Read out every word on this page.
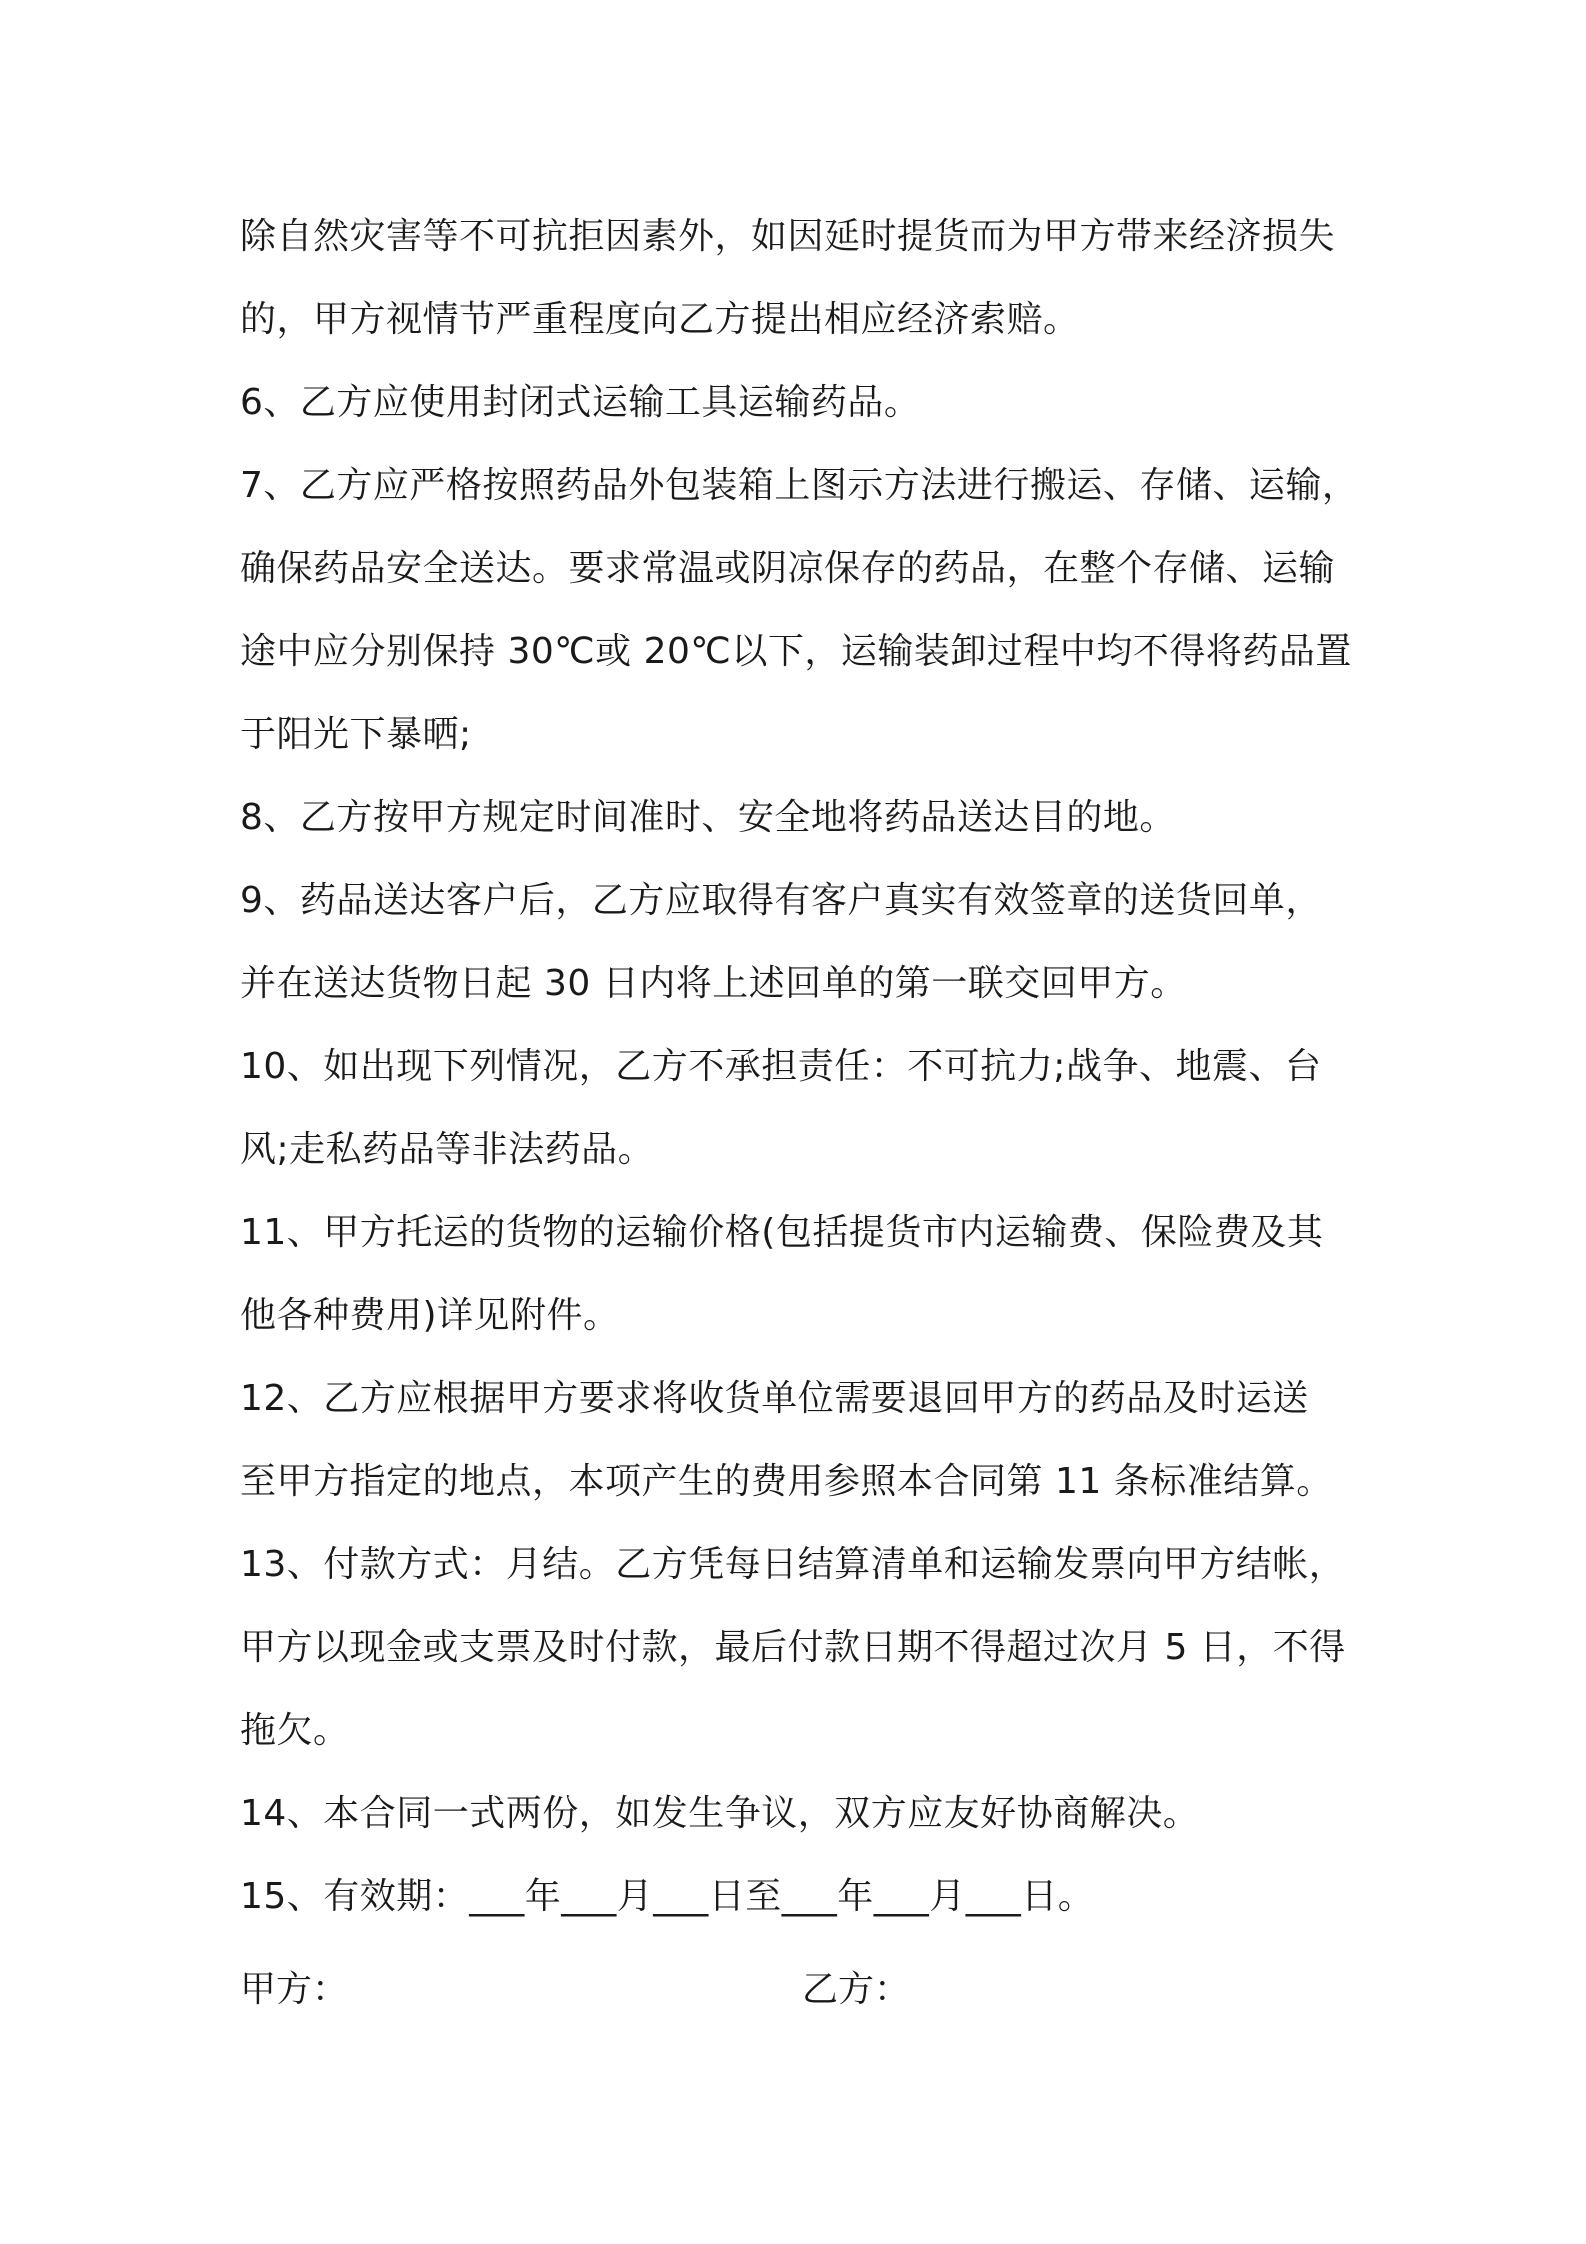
除自然灾害等不可抗拒因素外，如因延时提货而为甲方带来经济损失
的，甲方视情节严重程度向乙方提出相应经济索赔。
6、乙方应使用封闭式运输工具运输药品。
7、乙方应严格按照药品外包装箱上图示方法进行搬运、存储、运输，
确保药品安全送达。要求常温或阴凉保存的药品，在整个存储、运输
途中应分别保持 30℃或 20℃以下，运输装卸过程中均不得将药品置
于阳光下暴晒;
8、乙方按甲方规定时间准时、安全地将药品送达目的地。
9、药品送达客户后，乙方应取得有客户真实有效签章的送货回单，
并在送达货物日起 30 日内将上述回单的第一联交回甲方。
10、如出现下列情况，乙方不承担责任：不可抗力;战争、地震、台
风;走私药品等非法药品。
11、甲方托运的货物的运输价格(包括提货市内运输费、保险费及其
他各种费用)详见附件。
12、乙方应根据甲方要求将收货单位需要退回甲方的药品及时运送
至甲方指定的地点，本项产生的费用参照本合同第 11 条标准结算。
13、付款方式：月结。乙方凭每日结算清单和运输发票向甲方结帐，
甲方以现金或支票及时付款，最后付款日期不得超过次月 5 日，不得
拖欠。
14、本合同一式两份，如发生争议，双方应友好协商解决。
15、有效期：___年___月___日至___年___月___日。
甲方：	乙方：
